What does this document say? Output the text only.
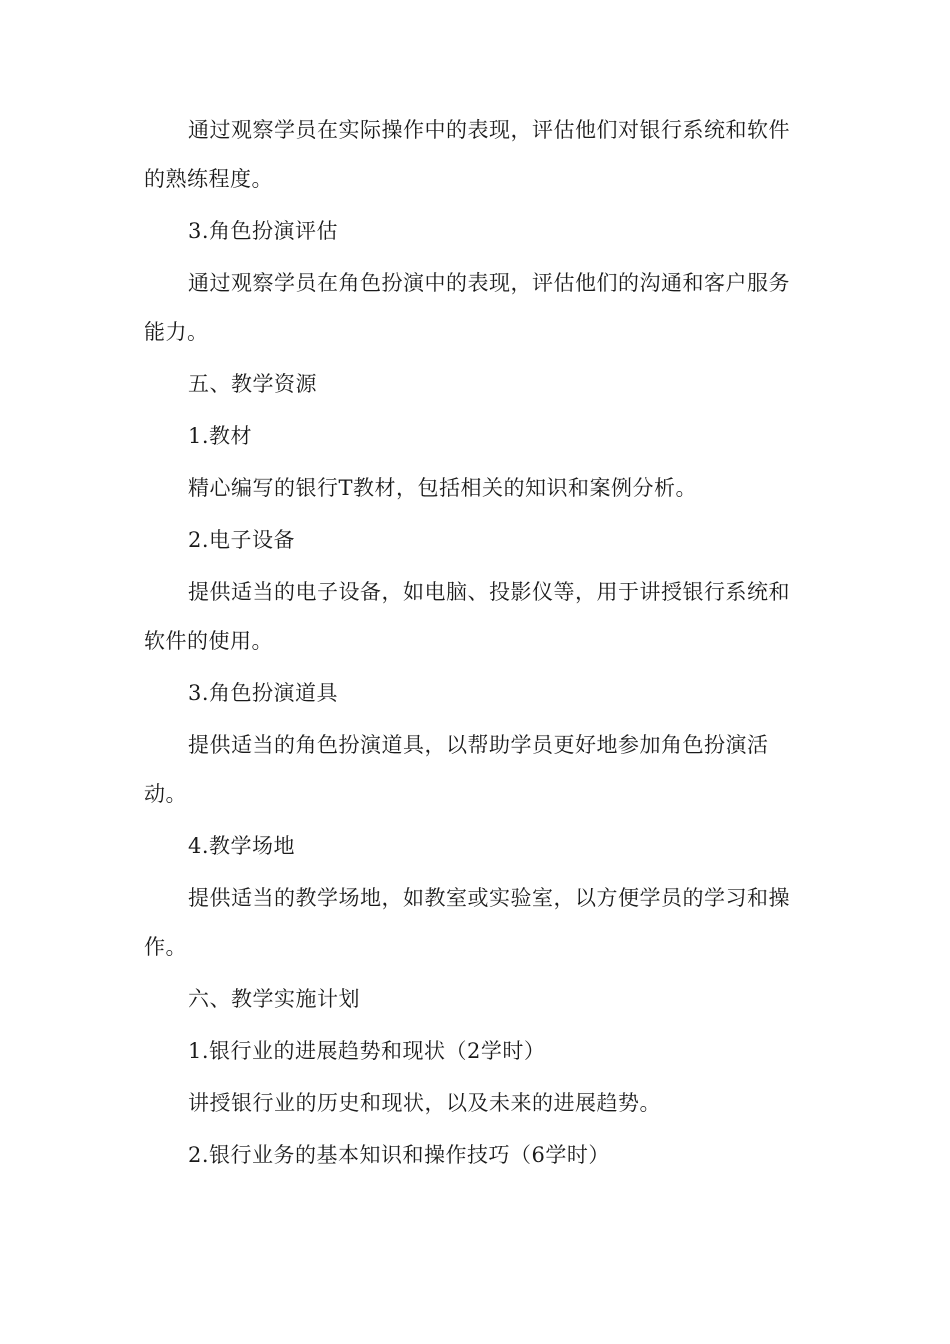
通过观察学员在实际操作中的表现，评估他们对银行系统和软件的熟练程度。

3.角色扮演评估

通过观察学员在角色扮演中的表现，评估他们的沟通和客户服务能力。

五、教学资源

1.教材

精心编写的银行T教材，包括相关的知识和案例分析。

2.电子设备

提供适当的电子设备，如电脑、投影仪等，用于讲授银行系统和软件的使用。

3.角色扮演道具

提供适当的角色扮演道具，以帮助学员更好地参加角色扮演活动。

4.教学场地

提供适当的教学场地，如教室或实验室，以方便学员的学习和操作。

六、教学实施计划

1.银行业的进展趋势和现状（2学时）

讲授银行业的历史和现状，以及未来的进展趋势。

2.银行业务的基本知识和操作技巧（6学时）
